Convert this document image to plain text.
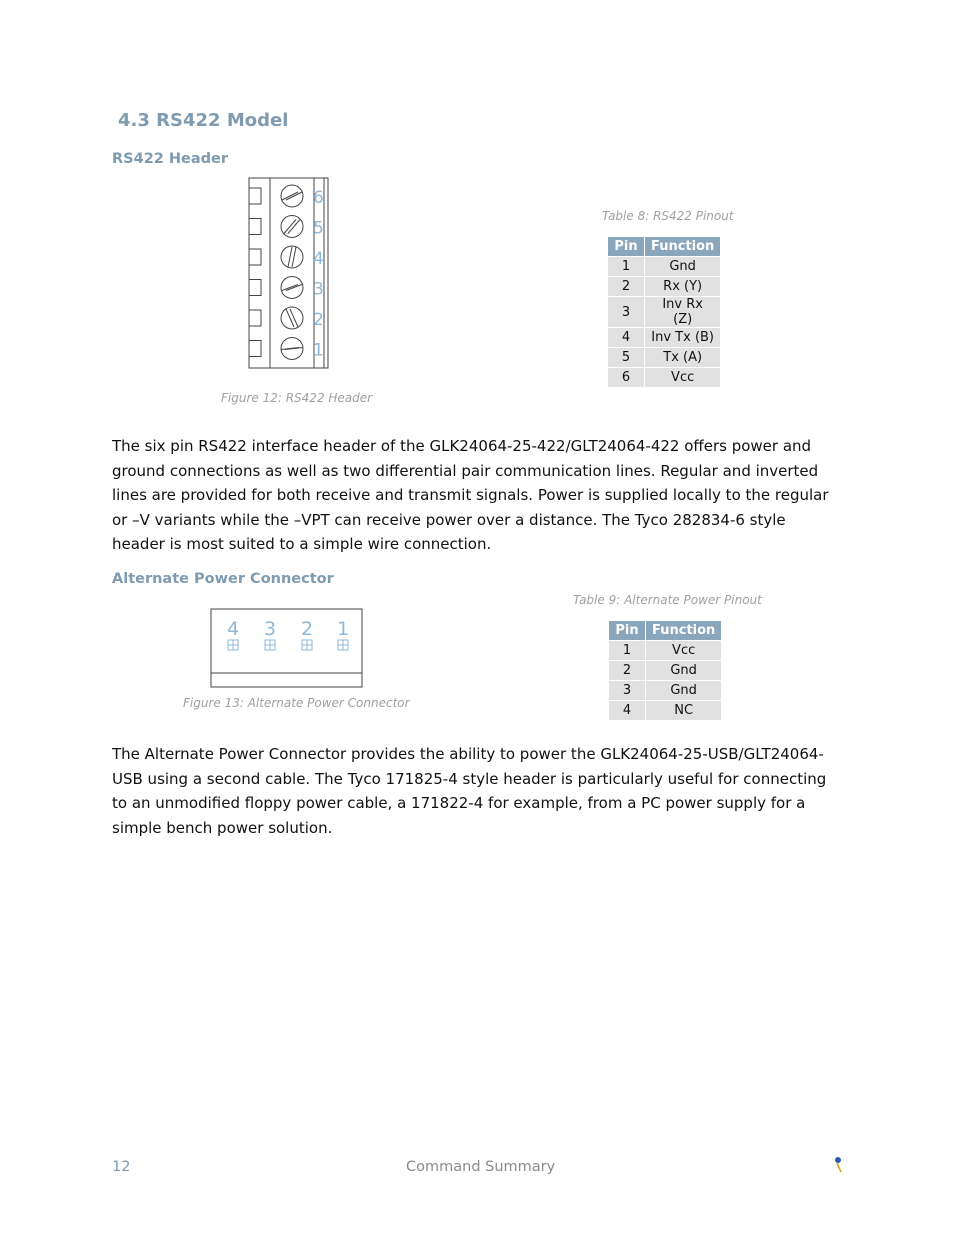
4.3 RS422 Model
RS422 Header
6
5
4
3
2
1
Figure 12: RS422 Header
Table 8: RS422 Pinout
Pin	Function
1	Gnd
2	Rx (Y)
3	Inv Rx (Z)
4	Inv Tx (B)
5	Tx (A)
6	Vcc
The six pin RS422 interface header of the GLK24064-25-422/GLT24064-422 offers power and ground connections as well as two differential pair communication lines. Regular and inverted lines are provided for both receive and transmit signals. Power is supplied locally to the regular or –V variants while the –VPT can receive power over a distance. The Tyco 282834-6 style header is most suited to a simple wire connection.
Alternate Power Connector
Table 9: Alternate Power Pinout
4 3 2 1
Figure 13: Alternate Power Connector
Pin	Function
1	Vcc
2	Gnd
3	Gnd
4	NC
The Alternate Power Connector provides the ability to power the GLK24064-25-USB/GLT24064-USB using a second cable. The Tyco 171825-4 style header is particularly useful for connecting to an unmodified floppy power cable, a 171822-4 for example, from a PC power supply for a simple bench power solution.
12	Command Summary
